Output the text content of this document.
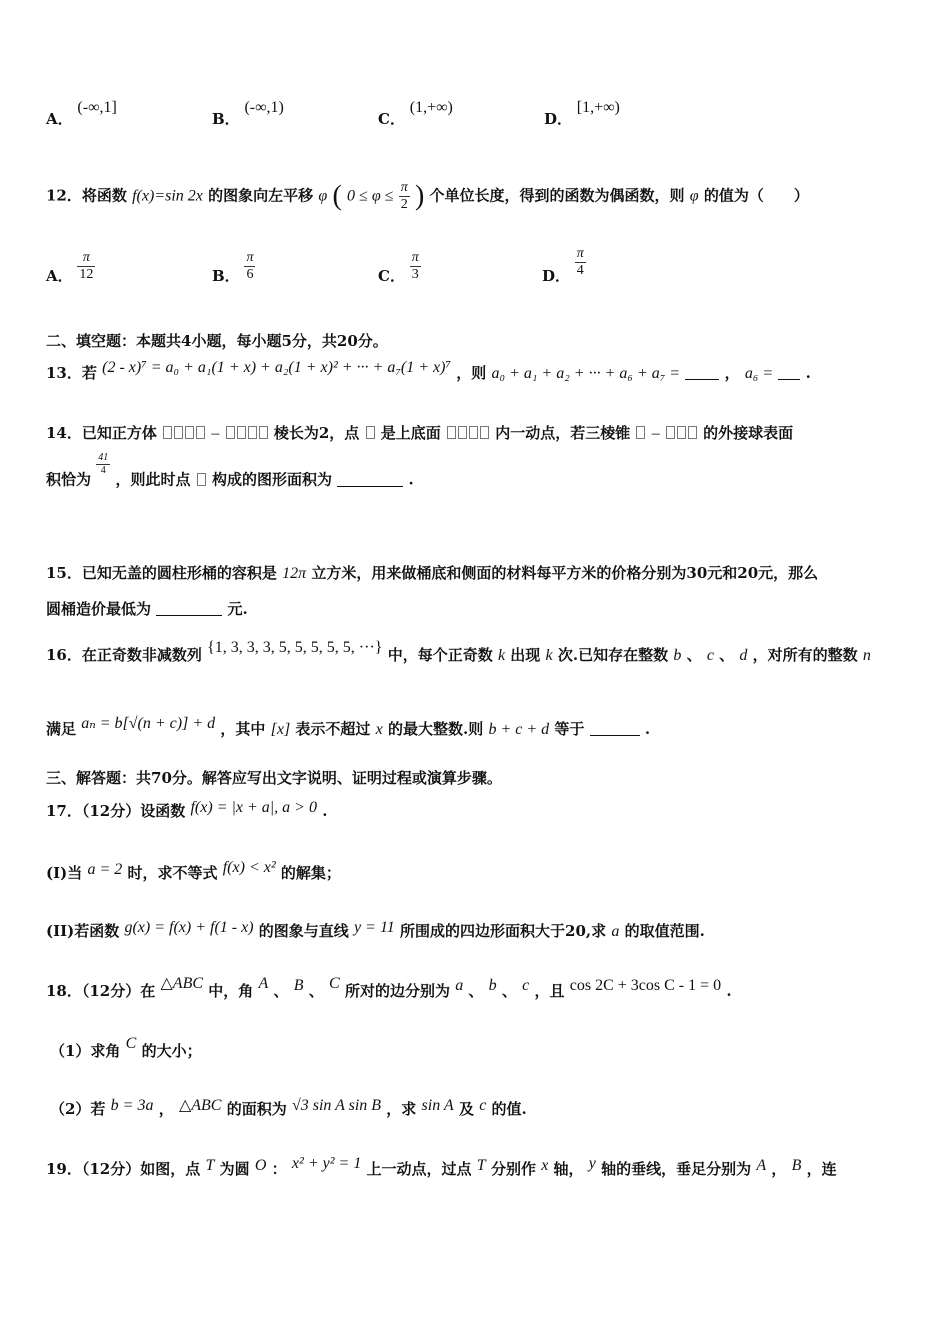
A． (-∞,1]
B． (-∞,1)
C． (1,+∞)
D． [1,+∞)
12．将函数 f(x)=sin 2x 的图象向左平移 φ ( $0 \le \varphi \le \frac{\pi}{2}$ ) 个单位长度，得到的函数为偶函数，则 φ 的值为（　　）
A． $\frac{\pi}{12}$	B． $\frac{\pi}{6}$	C． $\frac{\pi}{3}$	D． $\frac{\pi}{4}$
二、填空题：本题共4小题，每小题5分，共20分。
13．若 (2 - x)⁷ = a₀ + a₁(1 + x) + a₂(1 + x)² + ··· + a₇(1 + x)⁷ ，则 a₀ + a₁ + a₂ + ··· + a₆ + a₇ =	， a₆ = .
14．已知正方体	–	棱长为2，点 是上底面	内一动点，若三棱锥 –	的外接球表面
积恰为
$\frac{41}{4}$
，则此时点 构成的图形面积为	.
15．已知无盖的圆柱形桶的容积是 12π 立方米，用来做桶底和侧面的材料每平方米的价格分别为30元和20元，那么
圆桶造价最低为	元.
16．在正奇数非减数列 {1, 3, 3, 3, 5, 5, 5, 5, 5, ···} 中，每个正奇数 k 出现 k 次.已知存在整数 b 、 c 、 d ，对所有的整数 n
满足 aₙ = b[√(n + c)] + d ，其中 [x] 表示不超过 x 的最大整数.则 b + c + d 等于	.
三、解答题：共70分。解答应写出文字说明、证明过程或演算步骤。
17．（12分）设函数 f(x) = |x + a|, a > 0 .
(I)当 a = 2 时，求不等式 f(x) < x² 的解集；
(II)若函数 g(x) = f(x) + f(1 - x) 的图象与直线 y = 11 所围成的四边形面积大于20,求 a 的取值范围.
18．（12分）在 △ABC 中，角 A 、 B 、 C 所对的边分别为 a 、 b 、 c ，且 cos 2C + 3cos C - 1 = 0 .
（1）求角 C 的大小；
（2）若 b = 3a ， △ABC 的面积为 √3 sin A sin B ，求 sin A 及 c 的值.
19．（12分）如图，点 T 为圆 O ： x² + y² = 1 上一动点，过点 T 分别作 x 轴， y 轴的垂线，垂足分别为 A ， B ，连
